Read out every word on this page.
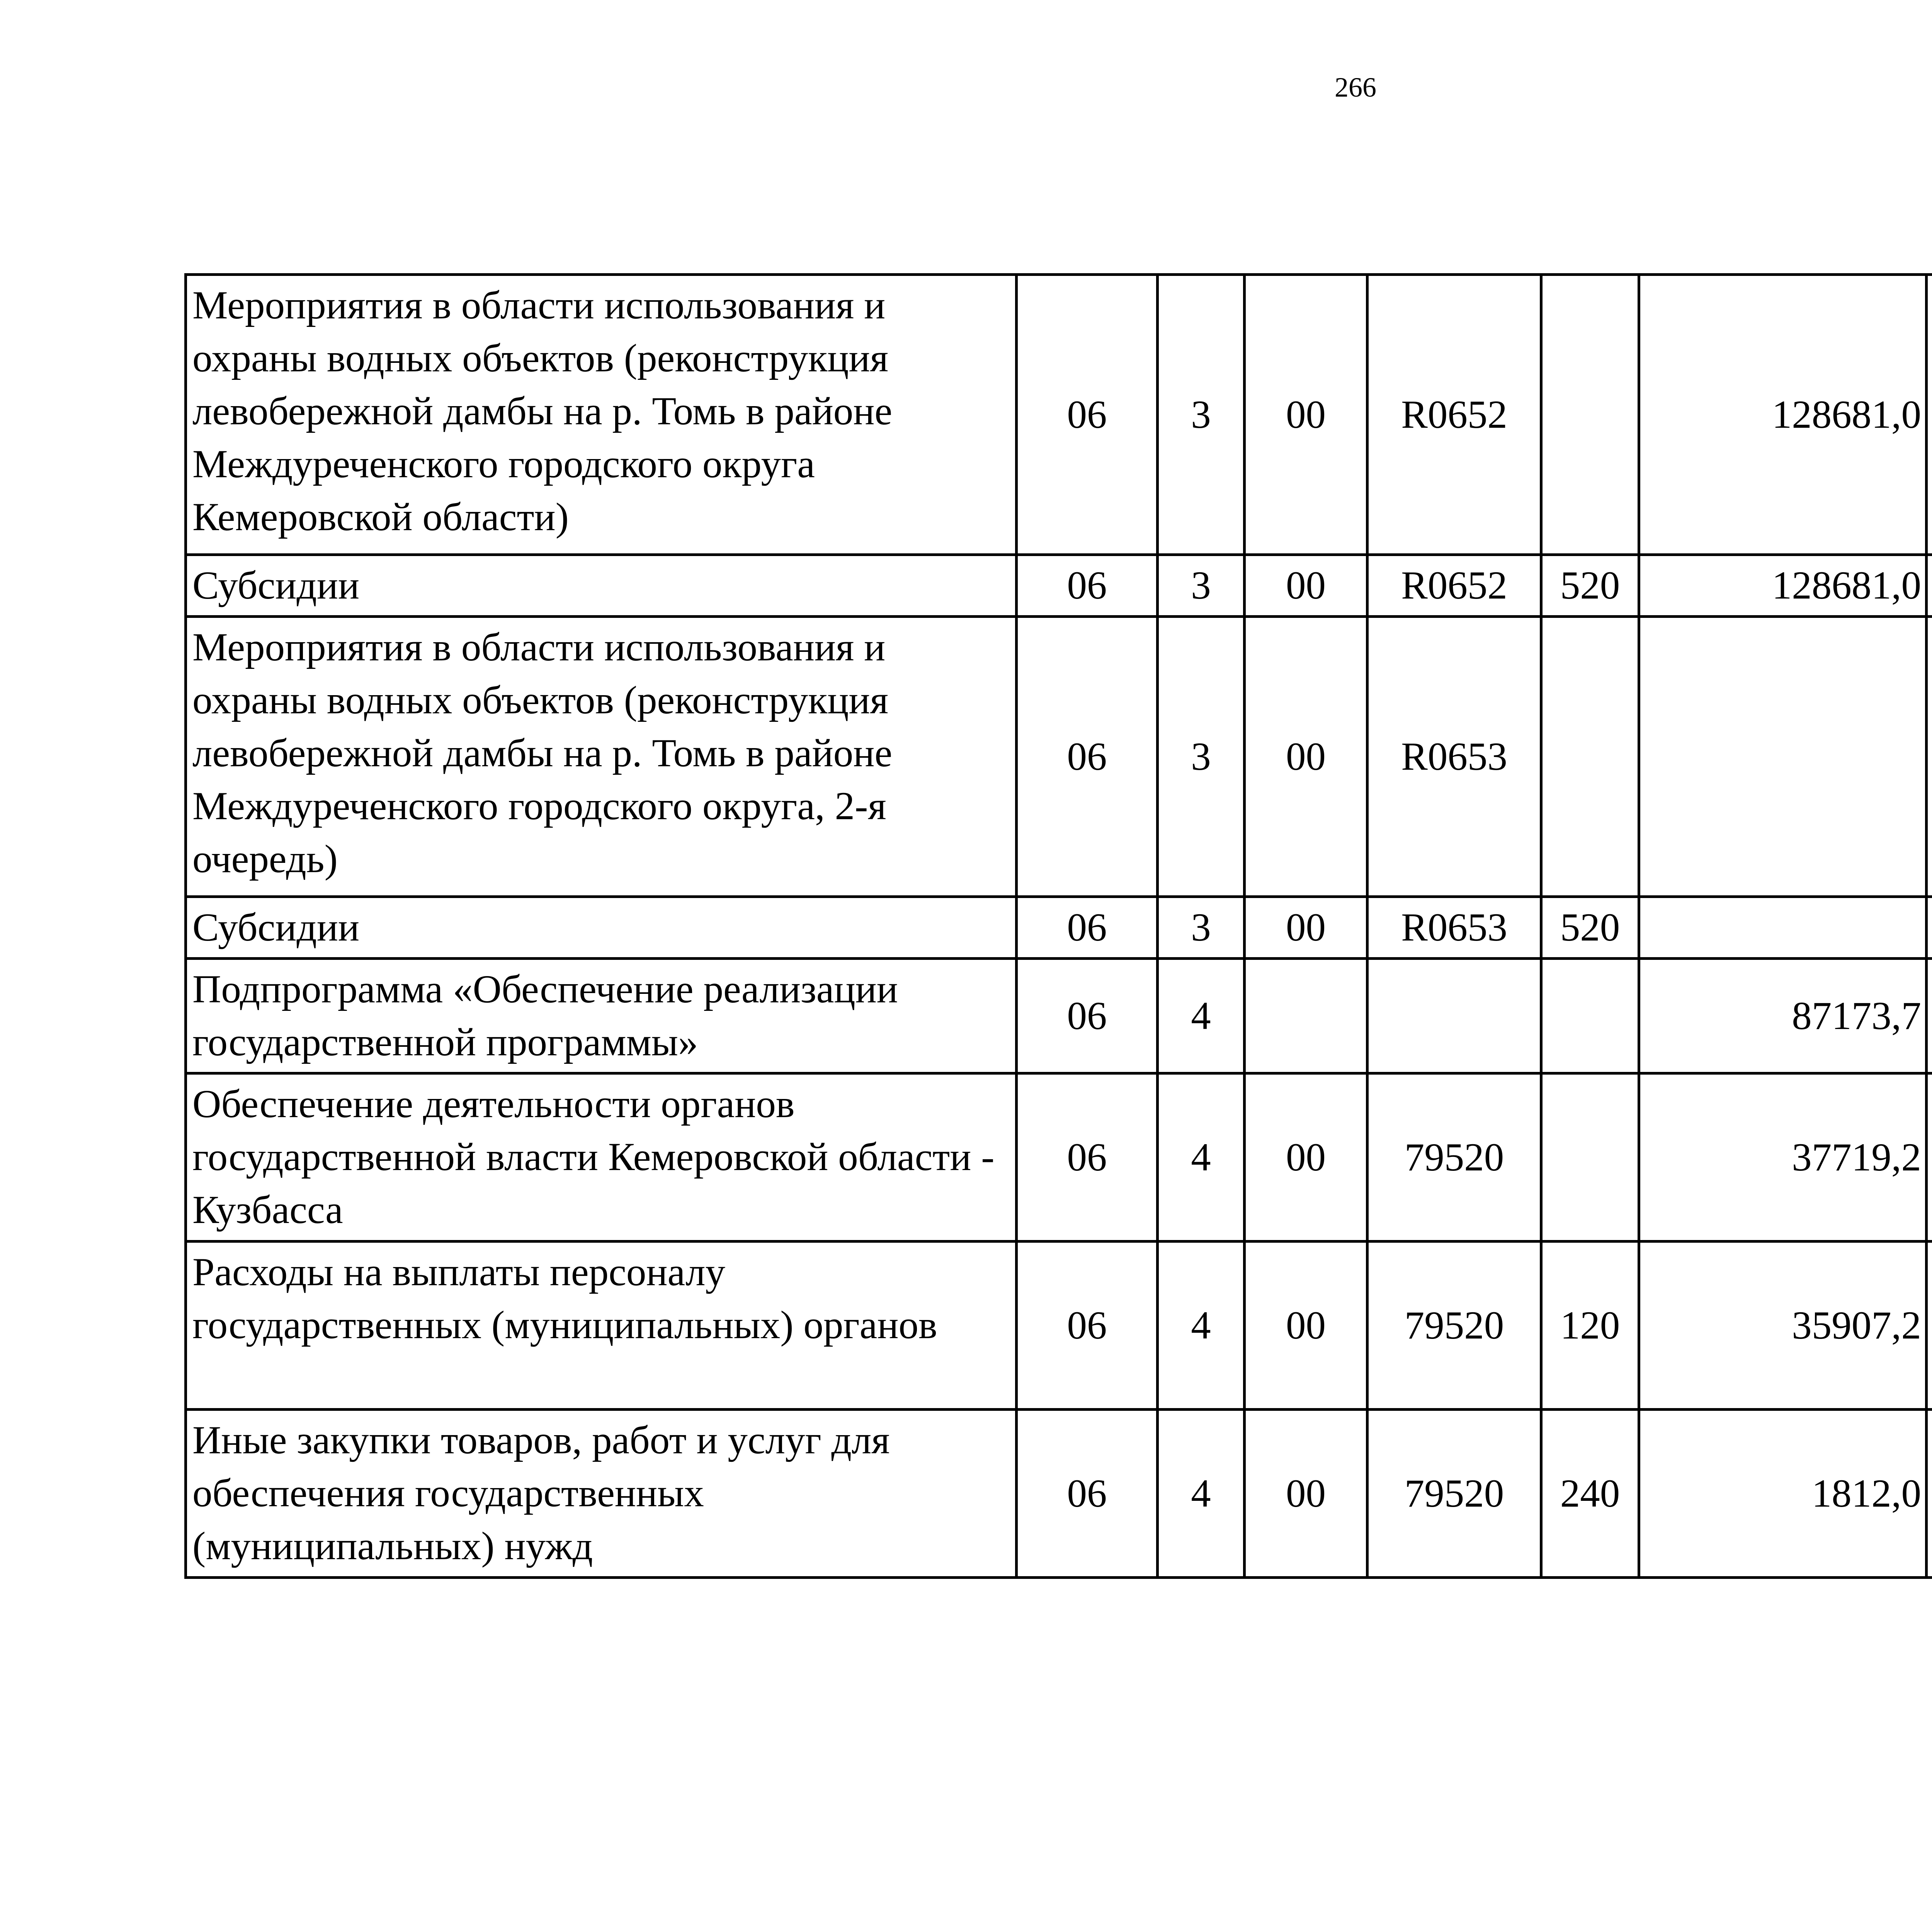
266
Мероприятия в области использования и охраны водных объектов (реконструкция левобережной дамбы на р. Томь в районе Междуреченского городского округа Кемеровской области)	06	3	00	R0652		128681,0		
Субсидии	06	3	00	R0652	520	128681,0		
Мероприятия в области использования и охраны водных объектов (реконструкция левобережной дамбы на р. Томь в районе Междуреченского городского округа, 2-я очередь)	06	3	00	R0653				
Субсидии	06	3	00	R0653	520			
Подпрограмма «Обеспечение реализации государственной программы»	06	4				87173,7		
Обеспечение деятельности органов государственной власти Кемеровской области - Кузбасса	06	4	00	79520		37719,2		
Расходы на выплаты персоналу государственных (муниципальных) органов	06	4	00	79520	120	35907,2		
Иные закупки товаров, работ и услуг для обеспечения государственных (муниципальных) нужд	06	4	00	79520	240	1812,0		
